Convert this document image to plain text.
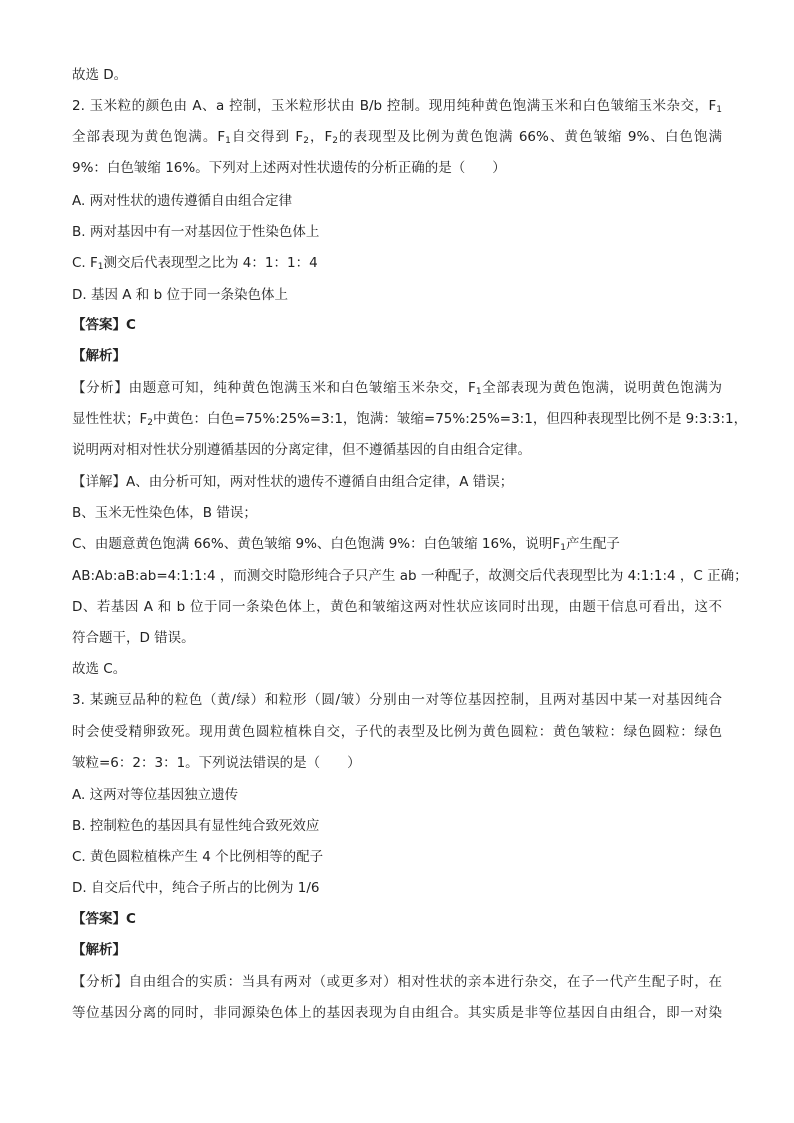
故选 D。
2. 玉米粒的颜色由 A、a 控制，玉米粒形状由 B/b 控制。现用纯种黄色饱满玉米和白色皱缩玉米杂交，$F_1$
全部表现为黄色饱满。$F_1$自交得到 $F_2$，$F_2$的表现型及比例为黄色饱满 66%、黄色皱缩 9%、白色饱满
9%：白色皱缩 16%。下列对上述两对性状遗传的分析正确的是（　　）
A. 两对性状的遗传遵循自由组合定律
B. 两对基因中有一对基因位于性染色体上
C. $F_1$测交后代表现型之比为 4：1：1：4
D. 基因 A 和 b 位于同一条染色体上
【答案】C
【解析】
【分析】由题意可知，纯种黄色饱满玉米和白色皱缩玉米杂交，$F_1$全部表现为黄色饱满，说明黄色饱满为
显性性状；$F_2$中黄色：白色=75%:25%=3:1，饱满：皱缩=75%:25%=3:1，但四种表现型比例不是 9:3:3:1，
说明两对相对性状分别遵循基因的分离定律，但不遵循基因的自由组合定律。
【详解】A、由分析可知，两对性状的遗传不遵循自由组合定律，A 错误；
B、玉米无性染色体，B 错误；
C、由题意黄色饱满 66%、黄色皱缩 9%、白色饱满 9%：白色皱缩 16%，说明$F_1$产生配子
AB:Ab:aB:ab=4:1:1:4 ，而测交时隐形纯合子只产生 ab 一种配子，故测交后代表现型比为 4:1:1:4 ，C 正确；
D、若基因 A 和 b 位于同一条染色体上，黄色和皱缩这两对性状应该同时出现，由题干信息可看出，这不
符合题干，D 错误。
故选 C。
3. 某豌豆品种的粒色（黄/绿）和粒形（圆/皱）分别由一对等位基因控制，且两对基因中某一对基因纯合
时会使受精卵致死。现用黄色圆粒植株自交，子代的表型及比例为黄色圆粒：黄色皱粒：绿色圆粒：绿色
皱粒=6：2：3：1。下列说法错误的是（　　）
A. 这两对等位基因独立遗传
B. 控制粒色的基因具有显性纯合致死效应
C. 黄色圆粒植株产生 4 个比例相等的配子
D. 自交后代中，纯合子所占的比例为 1/6
【答案】C
【解析】
【分析】自由组合的实质：当具有两对（或更多对）相对性状的亲本进行杂交，在子一代产生配子时，在
等位基因分离的同时，非同源染色体上的基因表现为自由组合。其实质是非等位基因自由组合，即一对染
